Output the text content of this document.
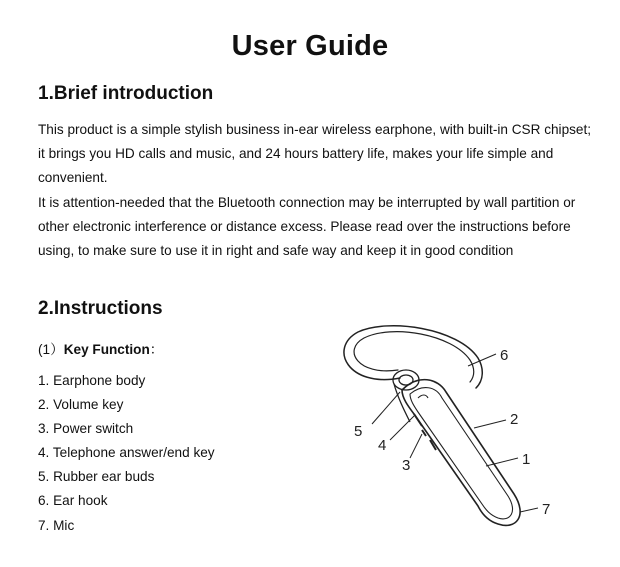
User Guide
1.Brief introduction

This product is a simple stylish business in-ear wireless earphone, with built-in CSR chipset; it brings you HD calls and music, and 24 hours battery life, makes your life simple and convenient.

It is attention-needed that the Bluetooth connection may be interrupted by wall partition or other electronic interference or distance excess. Please read over the instructions before using, to make sure to use it in right and safe way and keep it in good condition

2.Instructions
(1）Key Function：
1. Earphone body
2. Volume key
3. Power switch
4. Telephone answer/end key
5. Rubber ear buds
6. Ear hook
7. Mic
6
2
1
7
5
4
3
